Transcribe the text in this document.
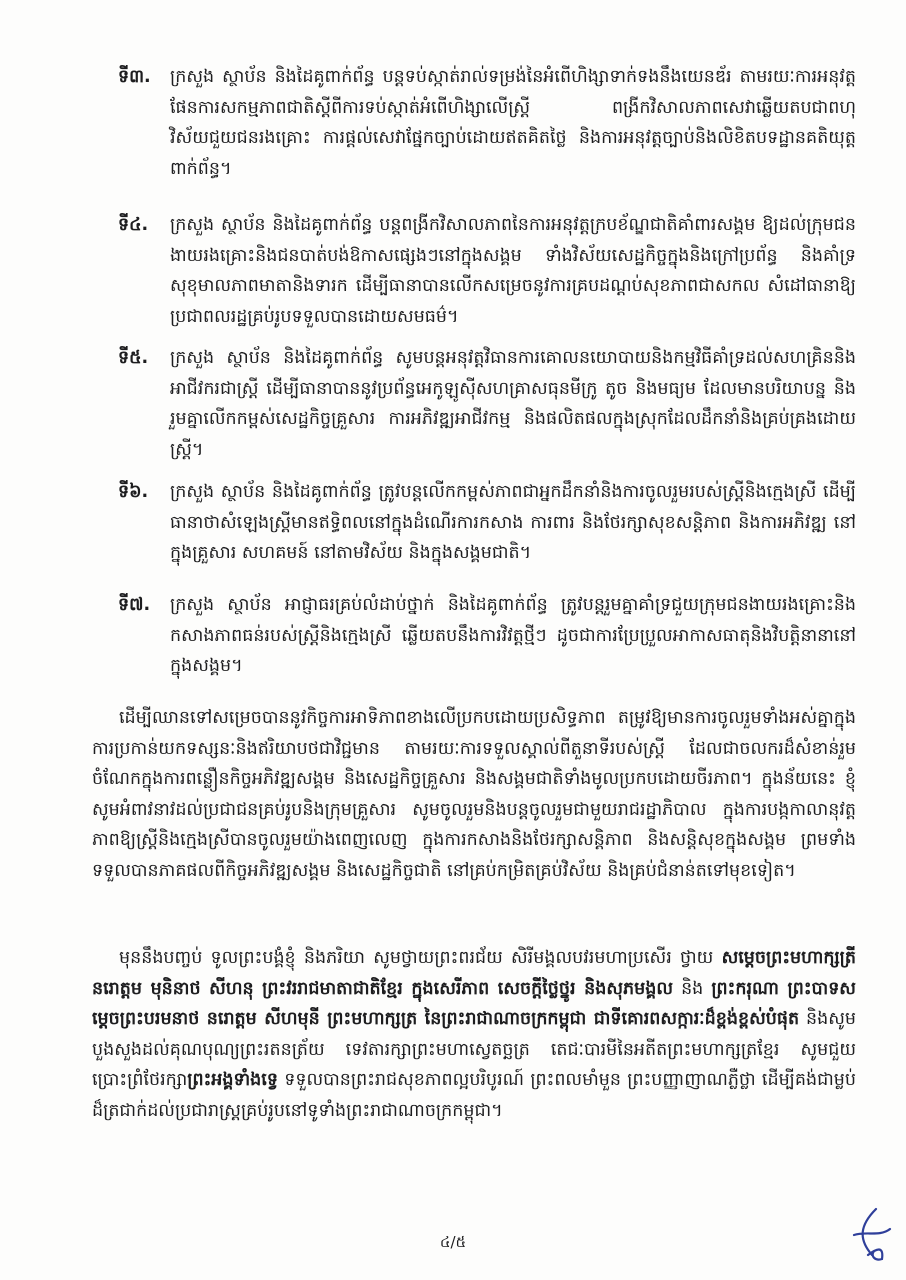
ទី៣. ក្រសួង ស្ថាប័ន និងដៃគូពាក់ព័ន្ធ បន្តទប់ស្កាត់រាល់ទម្រង់នៃអំពើហិង្សាទាក់ទងនឹងយេនឌ័រ តាមរយៈការអនុវត្តផែនការសកម្មភាពជាតិស្តីពីការទប់ស្កាត់អំពើហិង្សាលើស្ត្រី ពង្រីកវិសាលភាពសេវាឆ្លើយតបជាពហុវិស័យជួយជនរងគ្រោះ ការផ្តល់សេវាផ្នែកច្បាប់ដោយឥតគិតថ្លៃ និងការអនុវត្តច្បាប់និងលិខិតបទដ្ឋានគតិយុត្តពាក់ព័ន្ធ។
ទី៤. ក្រសួង ស្ថាប័ន និងដៃគូពាក់ព័ន្ធ បន្តពង្រីកវិសាលភាពនៃការអនុវត្តក្របខ័ណ្ឌជាតិគាំពារសង្គម ឱ្យដល់ក្រុមជនងាយរងគ្រោះនិងជនបាត់បង់ឱកាសផ្សេងៗនៅក្នុងសង្គម ទាំងវិស័យសេដ្ឋកិច្ចក្នុងនិងក្រៅប្រព័ន្ធ និងគាំទ្រសុខុមាលភាពមាតានិងទារក ដើម្បីធានាបានលើកសម្រេចនូវការគ្របដណ្តប់សុខភាពជាសកល សំដៅធានាឱ្យប្រជាពលរដ្ឋគ្រប់រូបទទួលបានដោយសមធម៌។
ទី៥. ក្រសួង ស្ថាប័ន និងដៃគូពាក់ព័ន្ធ សូមបន្តអនុវត្តវិធានការគោលនយោបាយនិងកម្មវិធីគាំទ្រដល់សហគ្រិននិងអាជីវករជាស្ត្រី ដើម្បីធានាបាននូវប្រព័ន្ធអេកូឡូស៊ីសហគ្រាសធុនមីក្រូ តូច និងមធ្យម ដែលមានបរិយាបន្ន និងរួមគ្នាលើកកម្ពស់សេដ្ឋកិច្ចគ្រួសារ ការអភិវឌ្ឍអាជីវកម្ម និងផលិតផលក្នុងស្រុកដែលដឹកនាំនិងគ្រប់គ្រងដោយស្ត្រី។
ទី៦. ក្រសួង ស្ថាប័ន និងដៃគូពាក់ព័ន្ធ ត្រូវបន្តលើកកម្ពស់ភាពជាអ្នកដឹកនាំនិងការចូលរួមរបស់ស្ត្រីនិងក្មេងស្រី ដើម្បីធានាថាសំឡេងស្ត្រីមានឥទ្ធិពលនៅក្នុងដំណើរការកសាង ការពារ និងថែរក្សាសុខសន្តិភាព និងការអភិវឌ្ឍ នៅក្នុងគ្រួសារ សហគមន៍ នៅតាមវិស័យ និងក្នុងសង្គមជាតិ។
ទី៧. ក្រសួង ស្ថាប័ន អាជ្ញាធរគ្រប់លំដាប់ថ្នាក់ និងដៃគូពាក់ព័ន្ធ ត្រូវបន្តរួមគ្នាគាំទ្រជួយក្រុមជនងាយរងគ្រោះនិងកសាងភាពធន់របស់ស្ត្រីនិងក្មេងស្រី ឆ្លើយតបនឹងការវិវត្តថ្មីៗ ដូចជាការប្រែប្រួលអាកាសធាតុនិងវិបត្តិនានានៅក្នុងសង្គម។
ដើម្បីឈានទៅសម្រេចបាននូវកិច្ចការអាទិភាពខាងលើប្រកបដោយប្រសិទ្ធភាព តម្រូវឱ្យមានការចូលរួមទាំងអស់គ្នាក្នុងការប្រកាន់យកទស្សនៈនិងឥរិយាបថជាវិជ្ជមាន តាមរយៈការទទួលស្គាល់ពីតួនាទីរបស់ស្ត្រី ដែលជាចលករដ៏សំខាន់រួមចំណែកក្នុងការពន្លឿនកិច្ចអភិវឌ្ឍសង្គម និងសេដ្ឋកិច្ចគ្រួសារ និងសង្គមជាតិទាំងមូលប្រកបដោយចីរភាព។ ក្នុងន័យនេះ ខ្ញុំសូមអំពាវនាវដល់ប្រជាជនគ្រប់រូបនិងក្រុមគ្រួសារ សូមចូលរួមនិងបន្តចូលរួមជាមួយរាជរដ្ឋាភិបាល ក្នុងការបង្កកាលានុវត្តភាពឱ្យស្ត្រីនិងក្មេងស្រីបានចូលរួមយ៉ាងពេញលេញ ក្នុងការកសាងនិងថែរក្សាសន្តិភាព និងសន្តិសុខក្នុងសង្គម ព្រមទាំងទទួលបានភាគផលពីកិច្ចអភិវឌ្ឍសង្គម និងសេដ្ឋកិច្ចជាតិ នៅគ្រប់កម្រិតគ្រប់វិស័យ និងគ្រប់ជំនាន់តទៅមុខទៀត។
មុននឹងបញ្ចប់ ទូលព្រះបង្គំខ្ញុំ និងភរិយា សូមថ្វាយព្រះពរជ័យ សិរីមង្គលបវរមហាប្រសើរ ថ្វាយ សម្តេចព្រះមហាក្សត្រី នរោត្តម មុនិនាថ សីហនុ ព្រះវររាជមាតាជាតិខ្មែរ ក្នុងសេរីភាព សេចក្តីថ្លៃថ្នូរ និងសុភមង្គល និង ព្រះករុណា ព្រះបាទសម្តេចព្រះបរមនាថ នរោត្តម សីហមុនី ព្រះមហាក្សត្រ នៃព្រះរាជាណាចក្រកម្ពុជា ជាទីគោរពសក្ការៈដ៏ខ្ពង់ខ្ពស់បំផុត និងសូមបួងសួងដល់គុណបុណ្យព្រះរតនត្រ័យ ទេវតារក្សាព្រះមហាស្វេតច្ឆត្រ តេជៈបារមីនៃអតីតព្រះមហាក្សត្រខ្មែរ សូមជួយប្រោះព្រំថែរក្សាព្រះអង្គទាំងទ្វេ ទទួលបានព្រះរាជសុខភាពល្អបរិបូរណ៍ ព្រះពលមាំមួន ព្រះបញ្ញាញាណភ្លឺថ្លា ដើម្បីគង់ជាម្លប់ដ៏ត្រជាក់ដល់ប្រជារាស្ត្រគ្រប់រូបនៅទូទាំងព្រះរាជាណាចក្រកម្ពុជា។
៤/៥
